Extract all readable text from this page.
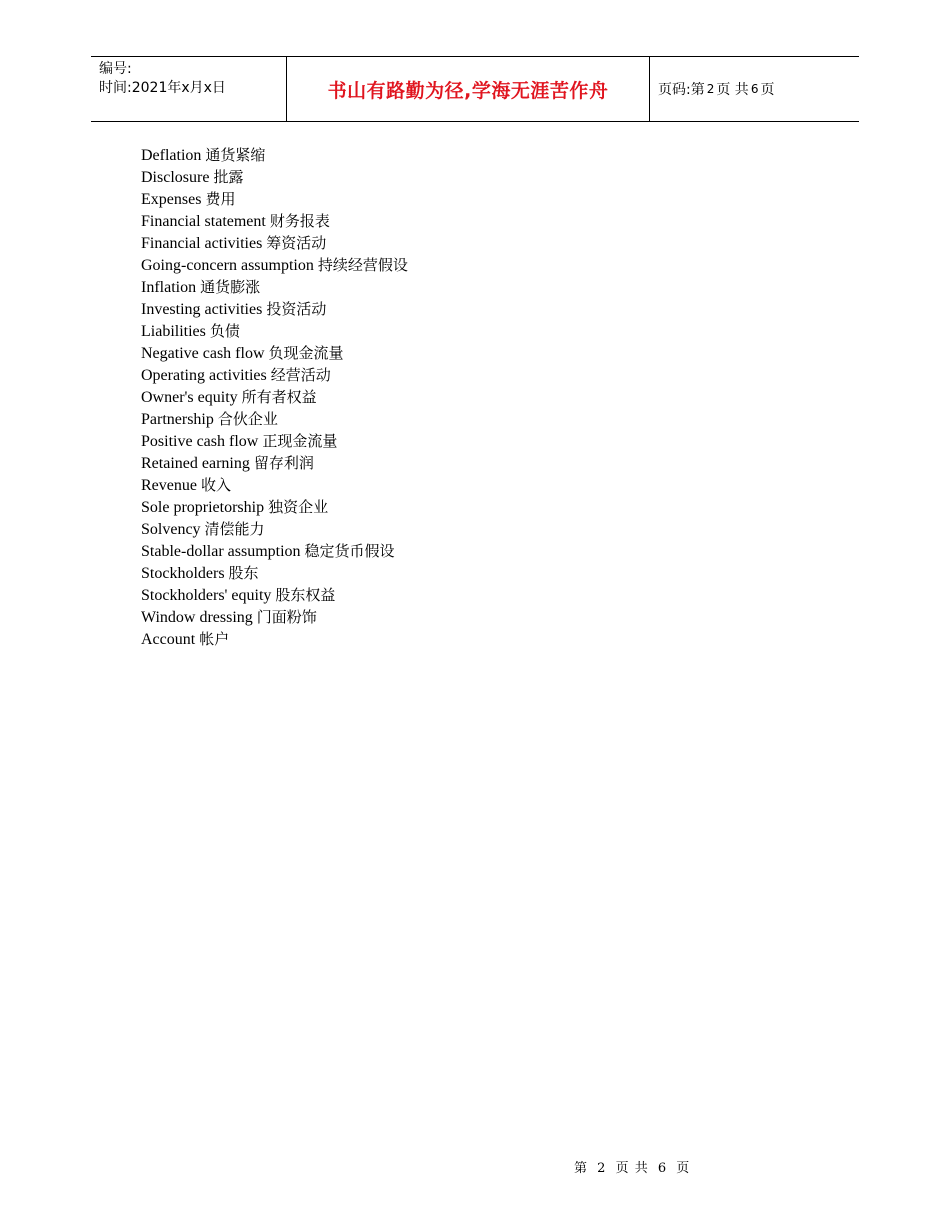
编号:
时间:2021年x月x日	书山有路勤为径,学海无涯苦作舟	页码:第 2 页 共 6 页
Deflation 通货紧缩
Disclosure 批露
Expenses 费用
Financial statement 财务报表
Financial activities 筹资活动
Going-concern assumption 持续经营假设
Inflation 通货膨涨
Investing activities 投资活动
Liabilities 负债
Negative cash flow 负现金流量
Operating activities 经营活动
Owner's equity 所有者权益
Partnership 合伙企业
Positive cash flow 正现金流量
Retained earning 留存利润
Revenue 收入
Sole proprietorship 独资企业
Solvency 清偿能力
Stable-dollar assumption 稳定货币假设
Stockholders 股东
Stockholders' equity 股东权益
Window dressing 门面粉饰
Account 帐户
第 2 页 共 6 页
